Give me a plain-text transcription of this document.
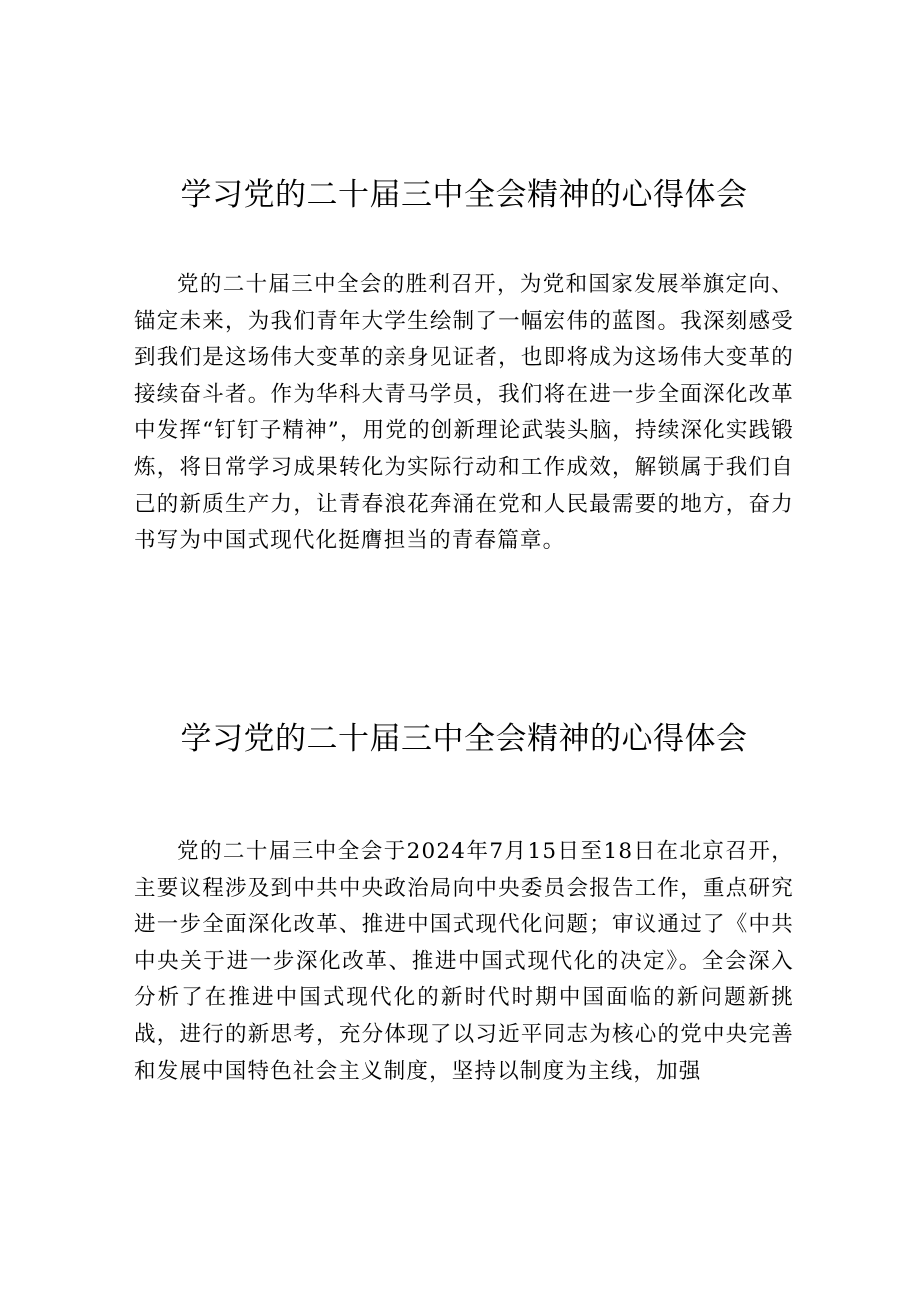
学习党的二十届三中全会精神的心得体会

党的二十届三中全会的胜利召开，为党和国家发展举旗定向、锚定未来，为我们青年大学生绘制了一幅宏伟的蓝图。我深刻感受到我们是这场伟大变革的亲身见证者，也即将成为这场伟大变革的接续奋斗者。作为华科大青马学员，我们将在进一步全面深化改革中发挥“钉钉子精神”，用党的创新理论武装头脑，持续深化实践锻炼，将日常学习成果转化为实际行动和工作成效，解锁属于我们自己的新质生产力，让青春浪花奔涌在党和人民最需要的地方，奋力书写为中国式现代化挺膺担当的青春篇章。

学习党的二十届三中全会精神的心得体会

党的二十届三中全会于2024年7月15日至18日在北京召开，主要议程涉及到中共中央政治局向中央委员会报告工作，重点研究进一步全面深化改革、推进中国式现代化问题；审议通过了《中共中央关于进一步深化改革、推进中国式现代化的决定》。全会深入分析了在推进中国式现代化的新时代时期中国面临的新问题新挑战，进行的新思考，充分体现了以习近平同志为核心的党中央完善和发展中国特色社会主义制度，坚持以制度为主线，加强
